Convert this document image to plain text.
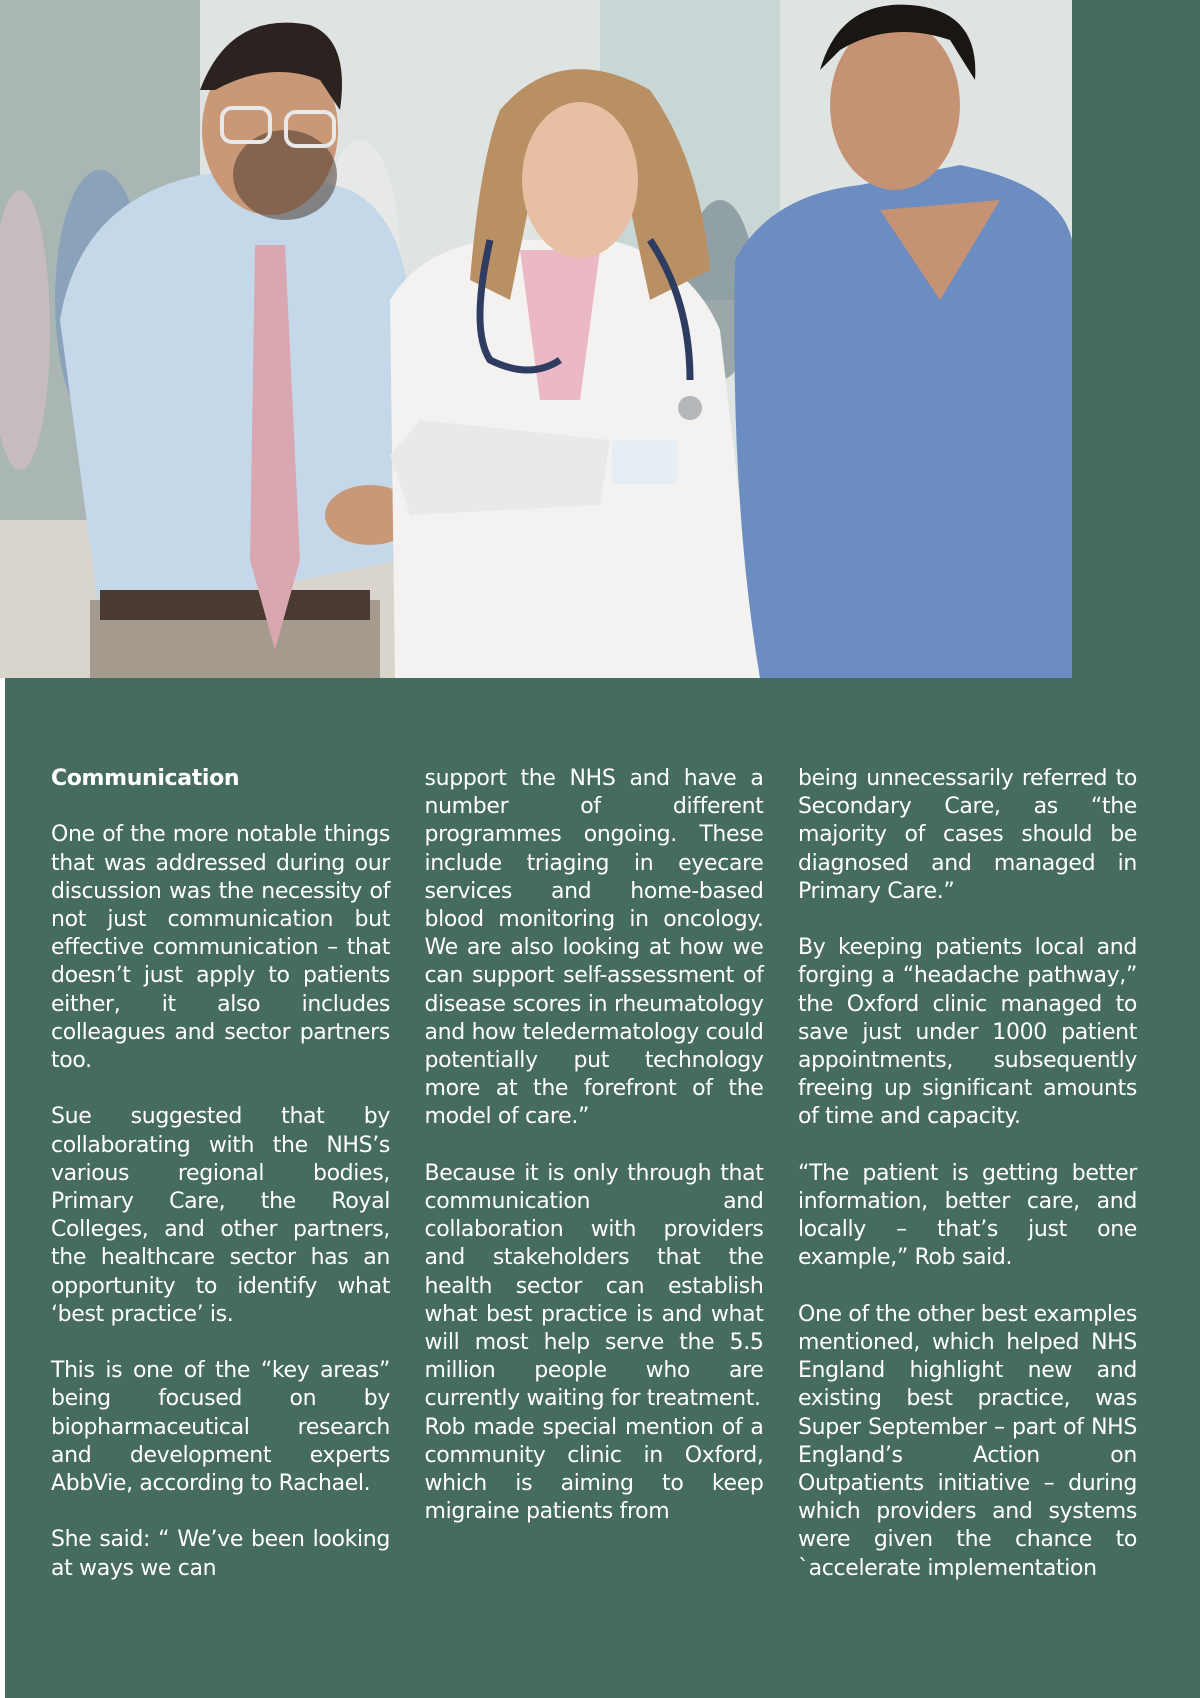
Communication

One of the more notable things that was addressed during our discussion was the necessity of not just communication but effective communication – that doesn’t just apply to patients either, it also includes colleagues and sector partners too.

Sue suggested that by collaborating with the NHS’s various regional bodies, Primary Care, the Royal Colleges, and other partners, the healthcare sector has an opportunity to identify what ‘best practice’ is.

This is one of the “key areas” being focused on by biopharmaceutical research and development experts AbbVie, according to Rachael.

She said: “ We’ve been looking at ways we can

support the NHS and have a number of different programmes ongoing. These include triaging in eyecare services and home-based blood monitoring in oncology. We are also looking at how we can support self-assessment of disease scores in rheumatology and how teledermatology could potentially put technology more at the forefront of the model of care.”

Because it is only through that communication and collaboration with providers and stakeholders that the health sector can establish what best practice is and what will most help serve the 5.5 million people who are currently waiting for treatment.

Rob made special mention of a community clinic in Oxford, which is aiming to keep migraine patients from

being unnecessarily referred to Secondary Care, as “the majority of cases should be diagnosed and managed in Primary Care.”

By keeping patients local and forging a “headache pathway,” the Oxford clinic managed to save just under 1000 patient appointments, subsequently freeing up significant amounts of time and capacity.

“The patient is getting better information, better care, and locally – that’s just one example,” Rob said.

One of the other best examples mentioned, which helped NHS England highlight new and existing best practice, was Super September – part of NHS England’s Action on Outpatients initiative – during which providers and systems were given the chance to `accelerate implementation
